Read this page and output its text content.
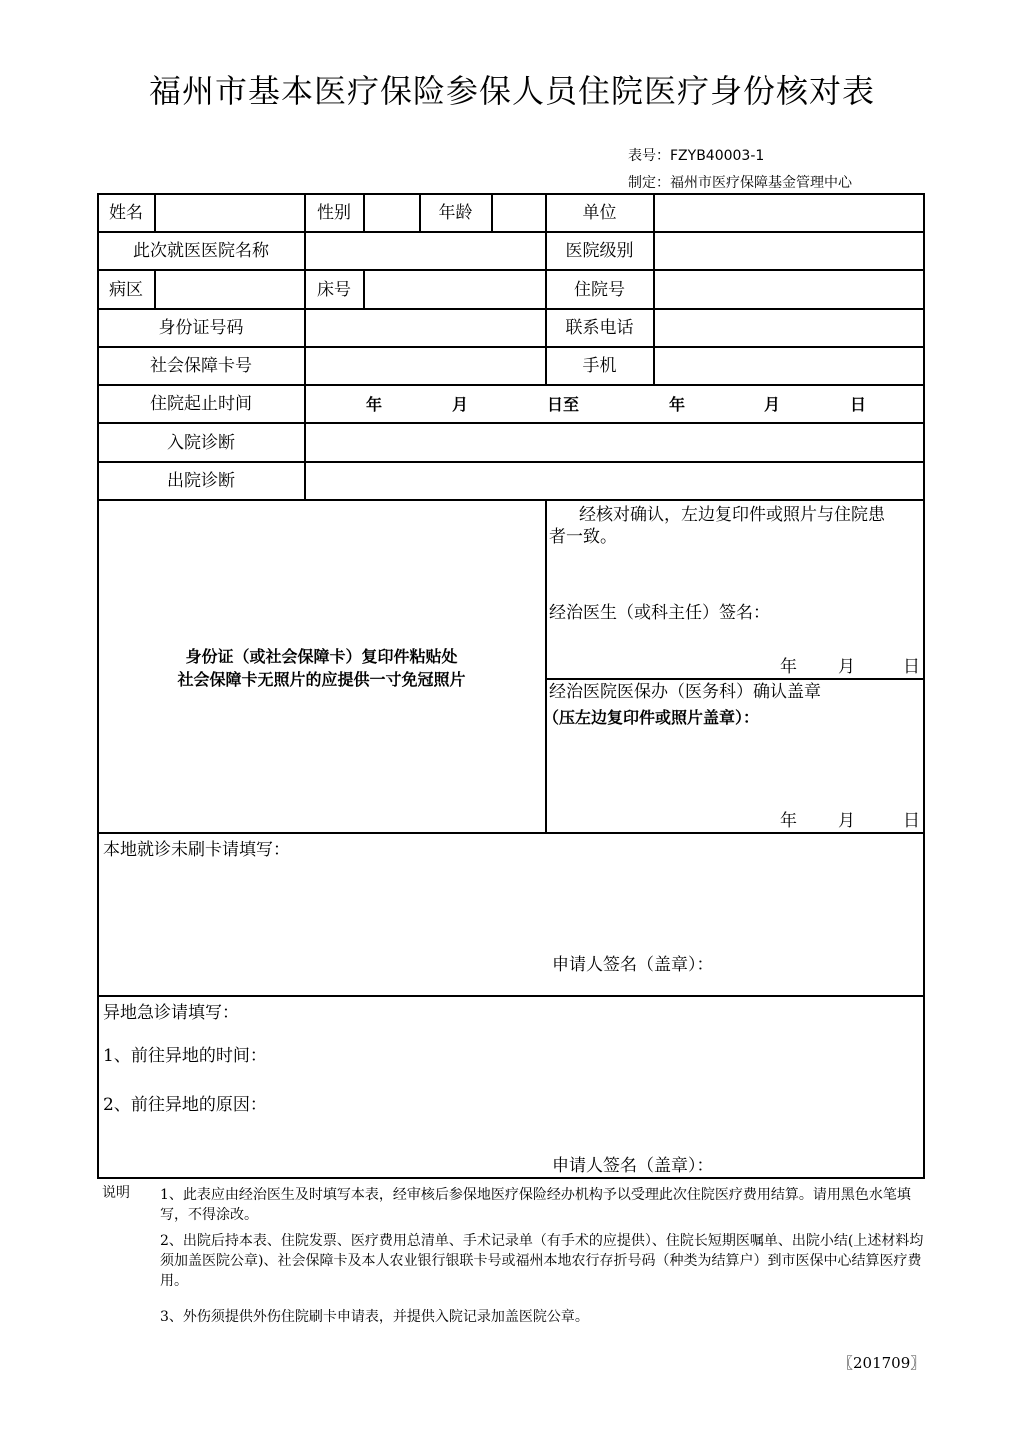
福州市基本医疗保险参保人员住院医疗身份核对表
表号：FZYB40003-1
制定：福州市医疗保障基金管理中心
姓名	性别	年龄	单位
此次就医医院名称	医院级别
病区	床号	住院号
身份证号码	联系电话
社会保障卡号	手机
住院起止时间	年	月	日至	年	月	日
入院诊断
出院诊断
身份证（或社会保障卡）复印件粘贴处
社会保障卡无照片的应提供一寸免冠照片
经核对确认，左边复印件或照片与住院患
者一致。
经治医生（或科主任）签名：
年 月	日
经治医院医保办（医务科）确认盖章
（压左边复印件或照片盖章）：
年 月	日
本地就诊未刷卡请填写：
申请人签名（盖章）：
异地急诊请填写：
1、前往异地的时间：
2、前往异地的原因：
申请人签名（盖章）：
说明 1、此表应由经治医生及时填写本表，经审核后参保地医疗保险经办机构予以受理此次住院医疗费用结算。请用黑色水笔填写，不得涂改。
2、出院后持本表、住院发票、医疗费用总清单、手术记录单（有手术的应提供）、住院长短期医嘱单、出院小结(上述材料均须加盖医院公章)、社会保障卡及本人农业银行银联卡号或福州本地农行存折号码（种类为结算户）到市医保中心结算医疗费用。
3、外伤须提供外伤住院刷卡申请表，并提供入院记录加盖医院公章。
〖201709〗
